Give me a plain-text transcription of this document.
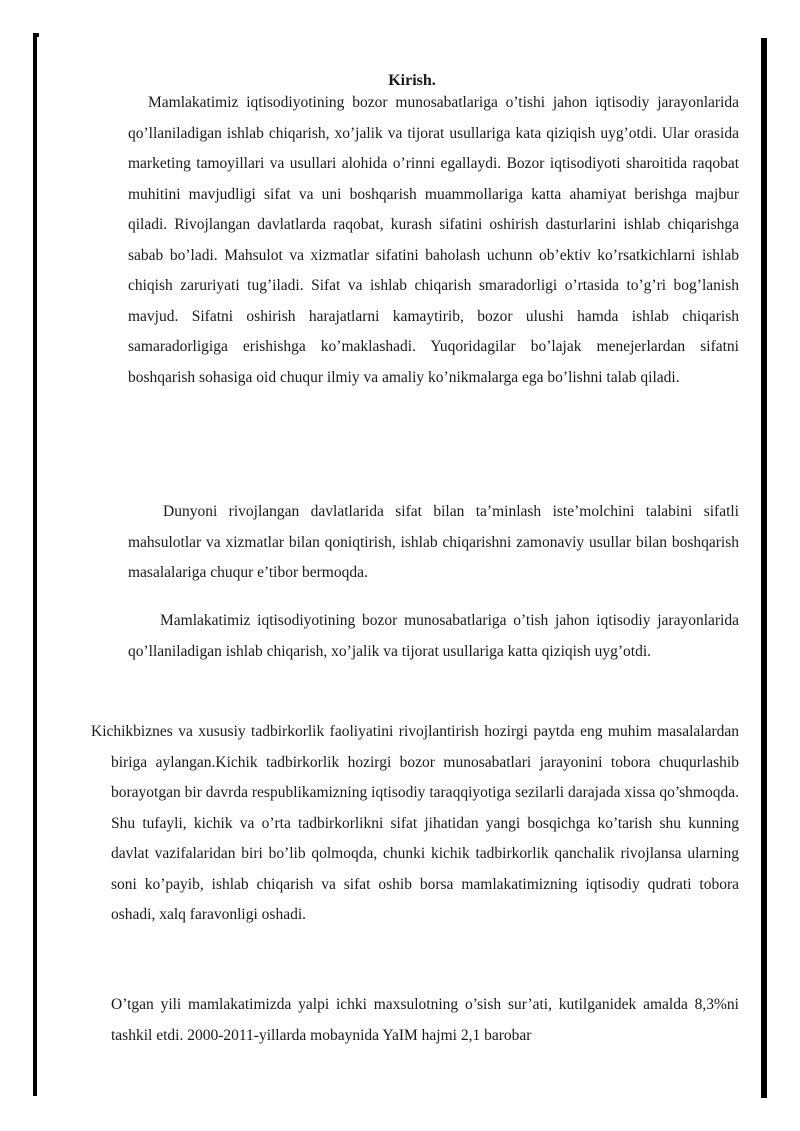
Kirish.

Mamlakatimiz iqtisodiyotining bozor munosabatlariga o’tishi jahon iqtisodiy jarayonlarida qo’llaniladigan ishlab chiqarish, xo’jalik va tijorat usullariga kata qiziqish uyg’otdi. Ular orasida marketing tamoyillari va usullari alohida o’rinni egallaydi. Bozor iqtisodiyoti sharoitida raqobat muhitini mavjudligi sifat va uni boshqarish muammollariga katta ahamiyat berishga majbur qiladi. Rivojlangan davlatlarda raqobat, kurash sifatini oshirish dasturlarini ishlab chiqarishga sabab bo’ladi. Mahsulot va xizmatlar sifatini baholash uchunn ob’ektiv ko’rsatkichlarni ishlab chiqish zaruriyati tug’iladi. Sifat va ishlab chiqarish smaradorligi o’rtasida to’g’ri bog’lanish mavjud. Sifatni oshirish harajatlarni kamaytirib, bozor ulushi hamda ishlab chiqarish samaradorligiga erishishga ko’maklashadi. Yuqoridagilar bo’lajak menejerlardan sifatni boshqarish sohasiga oid chuqur ilmiy va amaliy ko’nikmalarga ega bo’lishni talab qiladi.

Dunyoni rivojlangan davlatlarida sifat bilan ta’minlash iste’molchini talabini sifatli mahsulotlar va xizmatlar bilan qoniqtirish, ishlab chiqarishni zamonaviy usullar bilan boshqarish masalalariga chuqur e’tibor bermoqda.

Mamlakatimiz iqtisodiyotining bozor munosabatlariga o’tish jahon iqtisodiy jarayonlarida qo’llaniladigan ishlab chiqarish, xo’jalik va tijorat usullariga katta qiziqish uyg’otdi.

Kichikbiznes va xususiy tadbirkorlik faoliyatini rivojlantirish hozirgi paytda eng muhim masalalardan biriga aylangan.Kichik tadbirkorlik hozirgi bozor munosabatlari jarayonini tobora chuqurlashib borayotgan bir davrda respublikamizning iqtisodiy taraqqiyotiga sezilarli darajada xissa qo’shmoqda. Shu tufayli, kichik va o’rta tadbirkorlikni sifat jihatidan yangi bosqichga ko’tarish shu kunning davlat vazifalaridan biri bo’lib qolmoqda, chunki kichik tadbirkorlik qanchalik rivojlansa ularning soni ko’payib, ishlab chiqarish va sifat oshib borsa mamlakatimizning iqtisodiy qudrati tobora oshadi, xalq faravonligi oshadi.

O’tgan yili mamlakatimizda yalpi ichki maxsulotning o’sish sur’ati, kutilganidek amalda 8,3%ni tashkil etdi. 2000-2011-yillarda mobaynida YaIM hajmi 2,1 barobar
